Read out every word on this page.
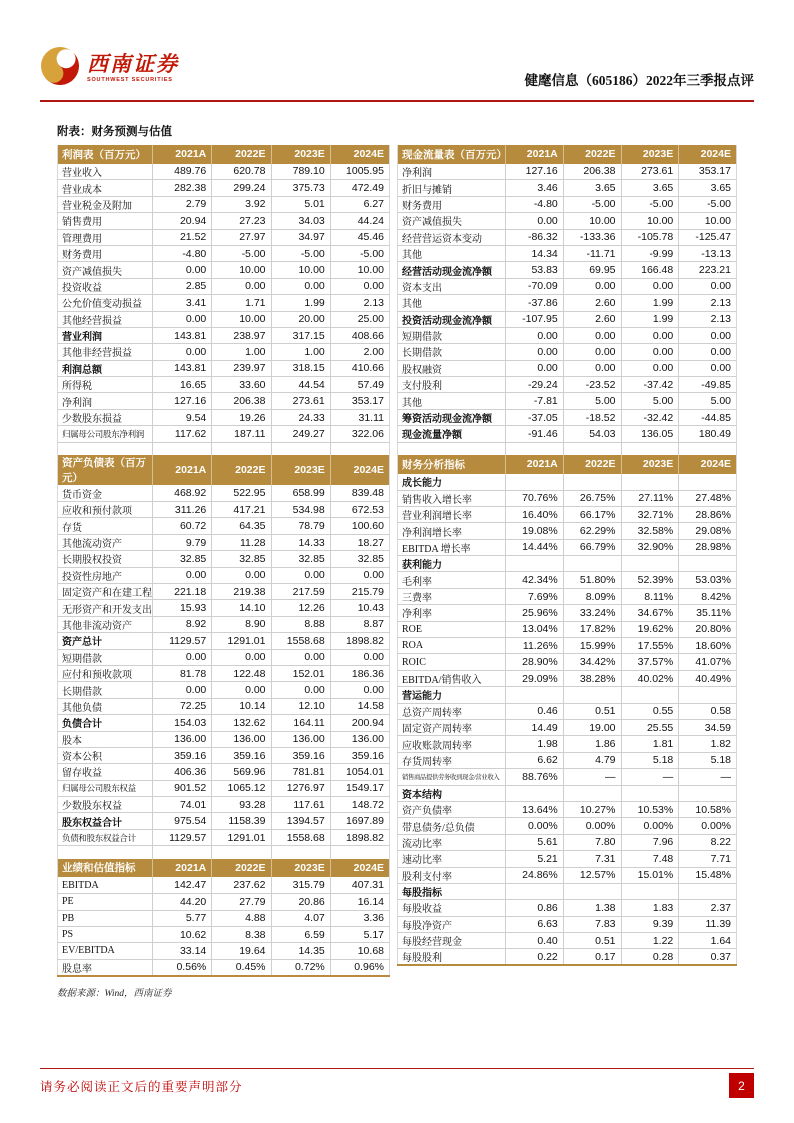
西南证券
SOUTHWEST SECURITIES	健麾信息（605186）2022年三季报点评
附表：财务预测与估值
利润表（百万元）	2021A	2022E	2023E	2024E
营业收入	489.76	620.78	789.10	1005.95
营业成本	282.38	299.24	375.73	472.49
营业税金及附加	2.79	3.92	5.01	6.27
销售费用	20.94	27.23	34.03	44.24
管理费用	21.52	27.97	34.97	45.46
财务费用	-4.80	-5.00	-5.00	-5.00
资产减值损失	0.00	10.00	10.00	10.00
投资收益	2.85	0.00	0.00	0.00
公允价值变动损益	3.41	1.71	1.99	2.13
其他经营损益	0.00	10.00	20.00	25.00
营业利润	143.81	238.97	317.15	408.66
其他非经营损益	0.00	1.00	1.00	2.00
利润总额	143.81	239.97	318.15	410.66
所得税	16.65	33.60	44.54	57.49
净利润	127.16	206.38	273.61	353.17
少数股东损益	9.54	19.26	24.33	31.11
归属母公司股东净利润	117.62	187.11	249.27	322.06

资产负债表（百万元）	2021A	2022E	2023E	2024E
货币资金	468.92	522.95	658.99	839.48
应收和预付款项	311.26	417.21	534.98	672.53
存货	60.72	64.35	78.79	100.60
其他流动资产	9.79	11.28	14.33	18.27
长期股权投资	32.85	32.85	32.85	32.85
投资性房地产	0.00	0.00	0.00	0.00
固定资产和在建工程	221.18	219.38	217.59	215.79
无形资产和开发支出	15.93	14.10	12.26	10.43
其他非流动资产	8.92	8.90	8.88	8.87
资产总计	1129.57	1291.01	1558.68	1898.82
短期借款	0.00	0.00	0.00	0.00
应付和预收款项	81.78	122.48	152.01	186.36
长期借款	0.00	0.00	0.00	0.00
其他负债	72.25	10.14	12.10	14.58
负债合计	154.03	132.62	164.11	200.94
股本	136.00	136.00	136.00	136.00
资本公积	359.16	359.16	359.16	359.16
留存收益	406.36	569.96	781.81	1054.01
归属母公司股东权益	901.52	1065.12	1276.97	1549.17
少数股东权益	74.01	93.28	117.61	148.72
股东权益合计	975.54	1158.39	1394.57	1697.89
负债和股东权益合计	1129.57	1291.01	1558.68	1898.82

业绩和估值指标	2021A	2022E	2023E	2024E
EBITDA	142.47	237.62	315.79	407.31
PE	44.20	27.79	20.86	16.14
PB	5.77	4.88	4.07	3.36
PS	10.62	8.38	6.59	5.17
EV/EBITDA	33.14	19.64	14.35	10.68
股息率	0.56%	0.45%	0.72%	0.96%
现金流量表（百万元）	2021A	2022E	2023E	2024E
净利润	127.16	206.38	273.61	353.17
折旧与摊销	3.46	3.65	3.65	3.65
财务费用	-4.80	-5.00	-5.00	-5.00
资产减值损失	0.00	10.00	10.00	10.00
经营营运资本变动	-86.32	-133.36	-105.78	-125.47
其他	14.34	-11.71	-9.99	-13.13
经营活动现金流净额	53.83	69.95	166.48	223.21
资本支出	-70.09	0.00	0.00	0.00
其他	-37.86	2.60	1.99	2.13
投资活动现金流净额	-107.95	2.60	1.99	2.13
短期借款	0.00	0.00	0.00	0.00
长期借款	0.00	0.00	0.00	0.00
股权融资	0.00	0.00	0.00	0.00
支付股利	-29.24	-23.52	-37.42	-49.85
其他	-7.81	5.00	5.00	5.00
筹资活动现金流净额	-37.05	-18.52	-32.42	-44.85
现金流量净额	-91.46	54.03	136.05	180.49

财务分析指标	2021A	2022E	2023E	2024E
成长能力				
销售收入增长率	70.76%	26.75%	27.11%	27.48%
营业利润增长率	16.40%	66.17%	32.71%	28.86%
净利润增长率	19.08%	62.29%	32.58%	29.08%
EBITDA 增长率	14.44%	66.79%	32.90%	28.98%
获利能力				
毛利率	42.34%	51.80%	52.39%	53.03%
三费率	7.69%	8.09%	8.11%	8.42%
净利率	25.96%	33.24%	34.67%	35.11%
ROE	13.04%	17.82%	19.62%	20.80%
ROA	11.26%	15.99%	17.55%	18.60%
ROIC	28.90%	34.42%	37.57%	41.07%
EBITDA/销售收入	29.09%	38.28%	40.02%	40.49%
营运能力				
总资产周转率	0.46	0.51	0.55	0.58
固定资产周转率	14.49	19.00	25.55	34.59
应收账款周转率	1.98	1.86	1.81	1.82
存货周转率	6.62	4.79	5.18	5.18
销售商品提供劳务收到现金/营业收入	88.76%	—	—	—
资本结构				
资产负债率	13.64%	10.27%	10.53%	10.58%
带息债务/总负债	0.00%	0.00%	0.00%	0.00%
流动比率	5.61	7.80	7.96	8.22
速动比率	5.21	7.31	7.48	7.71
股利支付率	24.86%	12.57%	15.01%	15.48%
每股指标				
每股收益	0.86	1.38	1.83	2.37
每股净资产	6.63	7.83	9.39	11.39
每股经营现金	0.40	0.51	1.22	1.64
每股股利	0.22	0.17	0.28	0.37
数据来源：Wind，西南证券
请务必阅读正文后的重要声明部分	2
